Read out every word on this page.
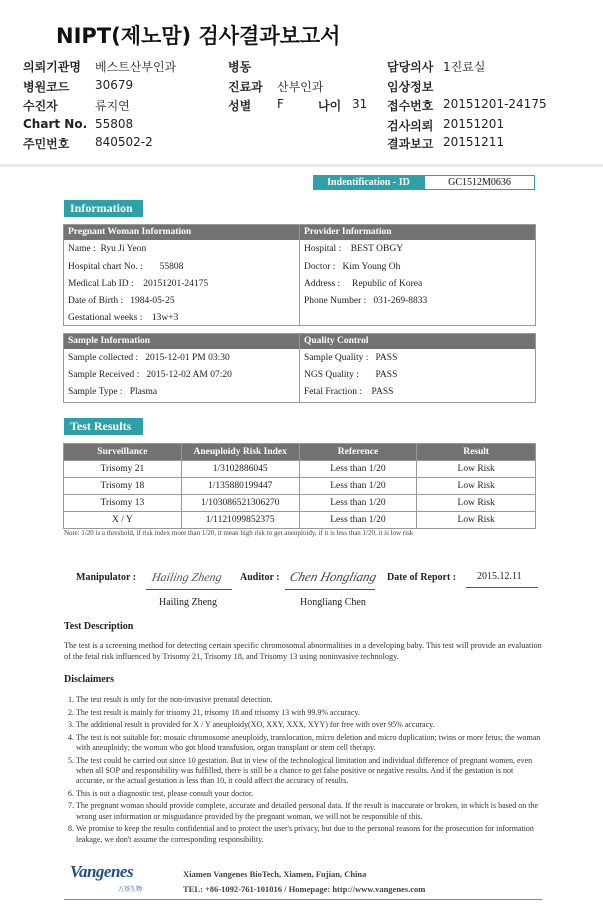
NIPT(제노맘) 검사결과보고서
의뢰기관명 베스트산부인과	병동	담당의사 1진료실
병원코드 30679	진료과 산부인과	임상정보
수진자	류지연	성별 F	나이 31 접수번호 20151201-24175
Chart No. 55808	검사의뢰 20151201
주민번호 840502-2	결과보고 20151211
Indentification - ID	GC1512M0636
Information
Pregnant Woman Information
Name : Ryu Ji Yeon
Hospital chart No. : 55808
Medical Lab ID : 20151201-24175
Date of Birth : 1984-05-25
Gestational weeks : 13w+3
Provider Information
Hospital : BEST OBGY
Doctor : Kim Young Oh
Address : Republic of Korea
Phone Number : 031-269-8833
Sample Information
Sample collected : 2015-12-01 PM 03:30
Sample Received : 2015-12-02 AM 07:20
Sample Type : Plasma
Quality Control
Sample Quality : PASS
NGS Quality : PASS
Fetal Fraction : PASS
Test Results
Surveillance	Aneuploidy Risk Index	Reference	Result
Trisomy 21	1/3102886045	Less than 1/20	Low Risk
Trisomy 18	1/135880199447	Less than 1/20	Low Risk
Trisomy 13	1/103086521306270	Less than 1/20	Low Risk
X / Y	1/1121099852375	Less than 1/20	Low Risk
Note: 1/20 is a threshold, if risk index more than 1/20, it mean high risk to get aneuploidy, if it is less than 1/20, it is low risk
Manipulator : Hailing Zheng
Hailing Zheng
Auditor : Chen Hongliang
Hongliang Chen
Date of Report : 2015.12.11
Test Description
The test is a screening method for detecting certain specific chromosomal abnormalities in a developing baby. This test will provide an evaluation of the fetal risk influenced by Trisomy 21, Trisomy 18, and Trisomy 13 using noninvasive technology.
Disclaimers
1. The test result is only for the non-invasive prenatal detection.
2. The test result is mainly for trisomy 21, trisomy 18 and trisomy 13 with 99.9% accuracy.
3. The additional result is provided for X / Y aneuploidy(XO, XXY, XXX, XYY) for free with over 95% accuracy.
4. The test is not suitable for: mosaic chromosome aneuploidy, translocation, micro deletion and micro duplication; twins or more fetus; the woman with aneuploidy; the woman who got blood transfusion, organ transplant or stem cell therapy.
5. The test could be carried out since 10 gestation. But in view of the technological limitation and individual difference of pregnant women, even when all SOP and responsibility was fulfilled, there is still be a chance to get false positive or negative results. And if the gestation is not accurate, or the actual gestation is less than 10, it could affect the accuracy of results.
6. This is not a diagnostic test, please consult your doctor.
7. The pregnant woman should provide complete, accurate and detailed personal data. If the result is inaccurate or broken, in which is based on the wrong user information or misguidance provided by the pregnant woman, we will not be responsible of this.
8. We promise to keep the results confidential and to protect the user's privacy, but due to the personal reasons for the prosecution for information leakage, we don't assume the corresponding responsibility.
Vangenes
万基生物
Xiamen Vangenes BioTech, Xiamen, Fujian, China
TEL: +86-1092-761-101016 / Homepage: http://www.vangenes.com
